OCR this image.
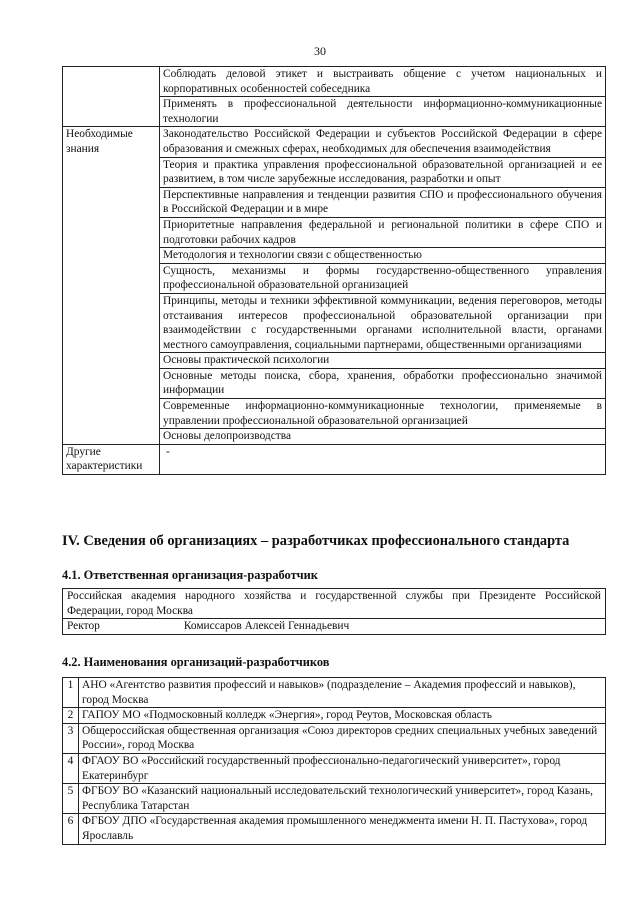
30
	Соблюдать деловой этикет и выстраивать общение с учетом национальных и корпоративных особенностей собеседника
	Применять в профессиональной деятельности информационно-коммуникационные технологии
Необходимые знания	Законодательство Российской Федерации и субъектов Российской Федерации в сфере образования и смежных сферах, необходимых для обеспечения взаимодействия
	Теория и практика управления профессиональной образовательной организацией и ее развитием, в том числе зарубежные исследования, разработки и опыт
	Перспективные направления и тенденции развития СПО и профессионального обучения в Российской Федерации и в мире
	Приоритетные направления федеральной и региональной политики в сфере СПО и подготовки рабочих кадров
	Методология и технологии связи с общественностью
	Сущность, механизмы и формы государственно-общественного управления профессиональной образовательной организацией
	Принципы, методы и техники эффективной коммуникации, ведения переговоров, методы отстаивания интересов профессиональной образовательной организации при взаимодействии с государственными органами исполнительной власти, органами местного самоуправления, социальными партнерами, общественными организациями
	Основы практической психологии
	Основные методы поиска, сбора, хранения, обработки профессионально значимой информации
	Современные информационно-коммуникационные технологии, применяемые в управлении профессиональной образовательной организацией
	Основы делопроизводства
Другие характеристики	-
IV. Сведения об организациях – разработчиках профессионального стандарта
4.1. Ответственная организация-разработчик
Российская академия народного хозяйства и государственной службы при Президенте Российской Федерации, город Москва
Ректор	Комиссаров Алексей Геннадьевич
4.2. Наименования организаций-разработчиков
1	АНО «Агентство развития профессий и навыков» (подразделение – Академия профессий и навыков), город Москва
2	ГАПОУ МО «Подмосковный колледж «Энергия», город Реутов, Московская область
3	Общероссийская общественная организация «Союз директоров средних специальных учебных заведений России», город Москва
4	ФГАОУ ВО «Российский государственный профессионально-педагогический университет», город Екатеринбург
5	ФГБОУ ВО «Казанский национальный исследовательский технологический университет», город Казань, Республика Татарстан
6	ФГБОУ ДПО «Государственная академия промышленного менеджмента имени Н. П. Пастухова», город Ярославль
